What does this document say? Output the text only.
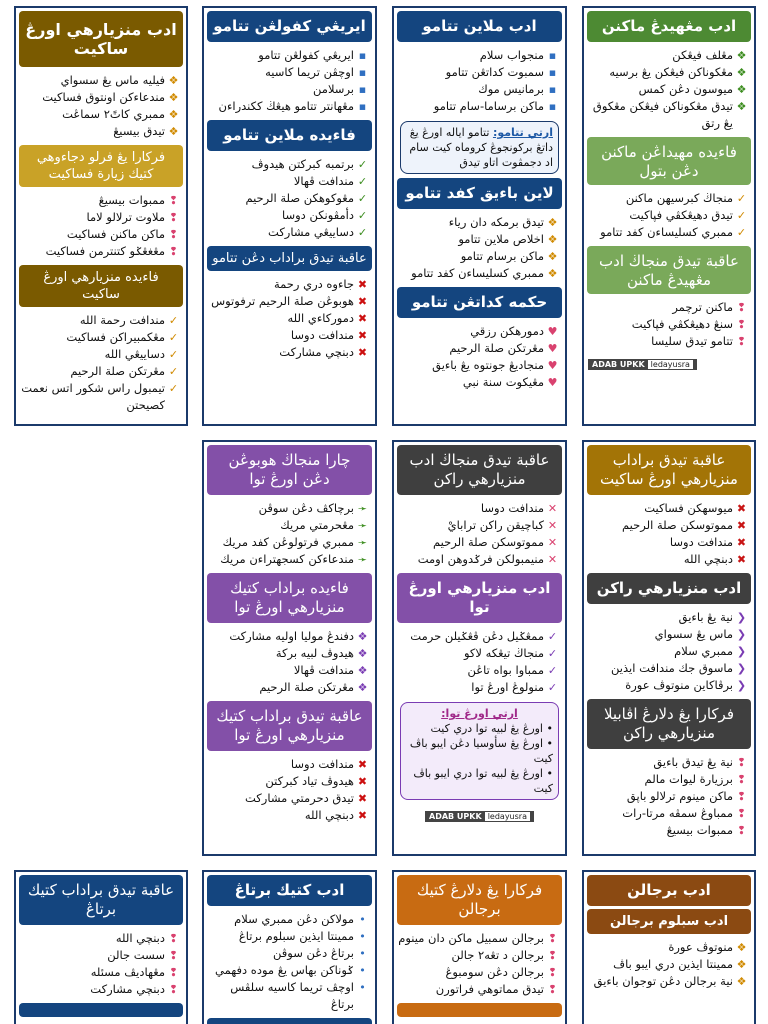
ادب منزيارهي اورڠ ساكيت
❖
فيليه ماس يڠ سسواي
❖
مندعاءكن اونتوق فساكيت
❖
ممبري كاتً٢ سماڠت
❖
تيدق بيسيڠ
فركارا يڠ فرلو دجاءوهي كتيك زيارة فساكيت
❢
ممبوات بيسيڠ
❢
ملاوت ترلالو لاما
❢
ماكن ماكنن فساكيت
❢
مڠغڠݢو كتنترمن فساكيت
فاءيده منزيارهي اورڠ ساكيت
✓
مندافت رحمة الله
✓
مڠكمبيراكن فساكيت
✓
دساييڠي الله
✓
مڠرتكن صلة الرحيم
✓
تيمبول راس شكور اتس نعمت كصيحتن
ايريڠي كفولڠن تتامو
▪
ايريڠي كفولڠن تتامو
▪
اوچڤن تريما كاسيه
▪
برسلامن
▪
مڠهانتر تتامو هيڠڬ ككندراءن
فاءيده ملاين تتامو
✓
برتمبه كبركتن هيدوڤ
✓
مندافت ڤهالا
✓
مڠوكوهكن صلة الرحيم
✓
دأمڤونكن دوسا
✓
دساييڠي مشاركت
عاقبة تيدق براداب دڠن تتامو
✖
جاءوه دري رحمة
✖
هوبوڠن صلة الرحيم ترفوتوس
✖
دمورکاءي الله
✖
مندافت دوسا
✖
دبنچي مشاركت
ادب ملاين تتامو
▪
منجواب سلام
▪
سمبوت كداتڠن تتامو
▪
برمانيس موك
▪
ماكن برساما-سام تتامو
ارتي تتامو: تتامو اياله اورڠ يڠ داتڠ بركونجوڠ كروماه كيت سام اد دجمڤوت اتاو تيدق
لاين باءيق كفد تتامو
❖
تيدق برمكه دان رياء
❖
اخلاص ملاين تتامو
❖
ماكن برسام تتامو
❖
ممبري كسليساءن كفد تتامو
حكمه كداتڠن تتامو
♥
دمورهكن رزقي
♥
مڠرتكن صلة الرحيم
♥
منجاديڠ جونتوه يڠ باءيق
♥
مڠيكوت سنة نبي
ادب مڠهيدڠ ماكنن
❖
مڠلف فيڠكن
❖
مڠكوناكن فيڠكن يڠ برسيه
❖
ميوسون دڠن كمس
❖
تيدق مڠكوناكن فيڠكن مڠكوق يڠ رتق
فاءيده مهيداڠن ماكنن دڠن بتول
✓
منجاڬ كبرسيهن ماكنن
✓
تيدق دهيڠكڤي فڽاكيت
✓
ممبري كسليساءن كفد تتامو
عاقبة تيدق منجاڬ ادب مڠهيدڠ ماكنن
❢
ماكنن ترچمر
❢
سنڠ دهيڠكڤي فڽاكيت
❢
تتامو تيدق سليسا
ADAB UPKK ledayusra
چارا منجاڬ هوبوڠن دڠن اورڠ توا
➛
برچاكڤ دڠن سوڤن
➛
مڠحرمتي مريك
➛
ممبري فرتولوڠن كفد مريك
➛
مندعاءكن كسجهتراءن مريك
فاءيده براداب كتيك منزيارهي اورڠ توا
❖
دفندڠ موليا اوليه مشاركت
❖
هيدوڤ لبيه بركة
❖
مندافت ڤهالا
❖
مڠرتكن صلة الرحيم
عاقبة تيدق براداب كتيك منزيارهي اورڠ توا
✖
مندافت دوسا
✖
هيدوڤ تياد كبركتن
✖
تيدق دحرمتي مشاركت
✖
دبنچي الله
عاقبة تيدق منجاڬ ادب منزيارهي راكن
✕
مندافت دوسا
✕
كباچيقن راكن ترابايْ
✕
مموتوسكن صلة الرحيم
✕
منيمبولكن فرݢدوهن اومت
ادب منزيارهي اورڠ توا
✓
ممڠݢيل دڠن ڤڠݢيلن حرمت
✓
منجاڬ تيڠكه لاكو
✓
ممباوا بواه تاڠن
✓
منولوڠ اورڠ توا
ارتي اورڠ توا:
• اورڠ يڠ لبيه توا دري كيت
• اورڠ يڠ سأوسيا دڠن ايبو باڤ كيت
• اورڠ يڠ لبيه توا دري ايبو باڤ كيت
ADAB UPKK ledayusra
عاقبة تيدق براداب منزيارهي اورڠ ساكيت
✖
ميوسهكن فساكيت
✖
مموتوسكن صلة الرحيم
✖
مندافت دوسا
✖
دبنچي الله
ادب منزيارهي راكن
❮
نية يڠ باءيق
❮
ماس يڠ سسواي
❮
ممبري سلام
❮
ماسوق جك مندافت ايذين
❮
برڤاكاين منوتوڤ عورة
فركارا يڠ دلارڠ اڤابيلا منزيارهي راكن
❢
نية يڠ تيدق باءيق
❢
برزيارة ليوات مالم
❢
ماكن مينوم ترلالو باڽق
❢
ممباوڠ سمڤه مرتا-رات
❢
ممبوات بيسيڠ
عاقبة تيدق براداب كتيك برتاڠ
❢
دبنچي الله
❢
سست جالن
❢
مڠهاديڤ مسئله
❢
دبنچي مشاركت
ادب كتيك برتاڠ
•
مولاكن دڠن ممبري سلام
•
ممينتا ايذين سبلوم برتاڠ
•
برتاڠ دڠن سوڤن
•
ݢوناكن بهاس يڠ موده دفهمي
•
اوچڤ تريما كاسيه سلڤس برتاڠ
فركارا يڠ دلارڠ كتيك برجالن
❢
برجالن سمبيل ماكن دان مينوم
❢
برجالن د تڠه٢ جالن
❢
برجالن دڠن سومبوڠ
❢
تيدق مماتوهي فراتورن
ادب برجالن
ادب سبلوم برجالن
❖
منوتوڤ عورة
❖
ممينتا ايذين دري ايبو باڤ
❖
نية برجالن دڠن توجوان باءيق
